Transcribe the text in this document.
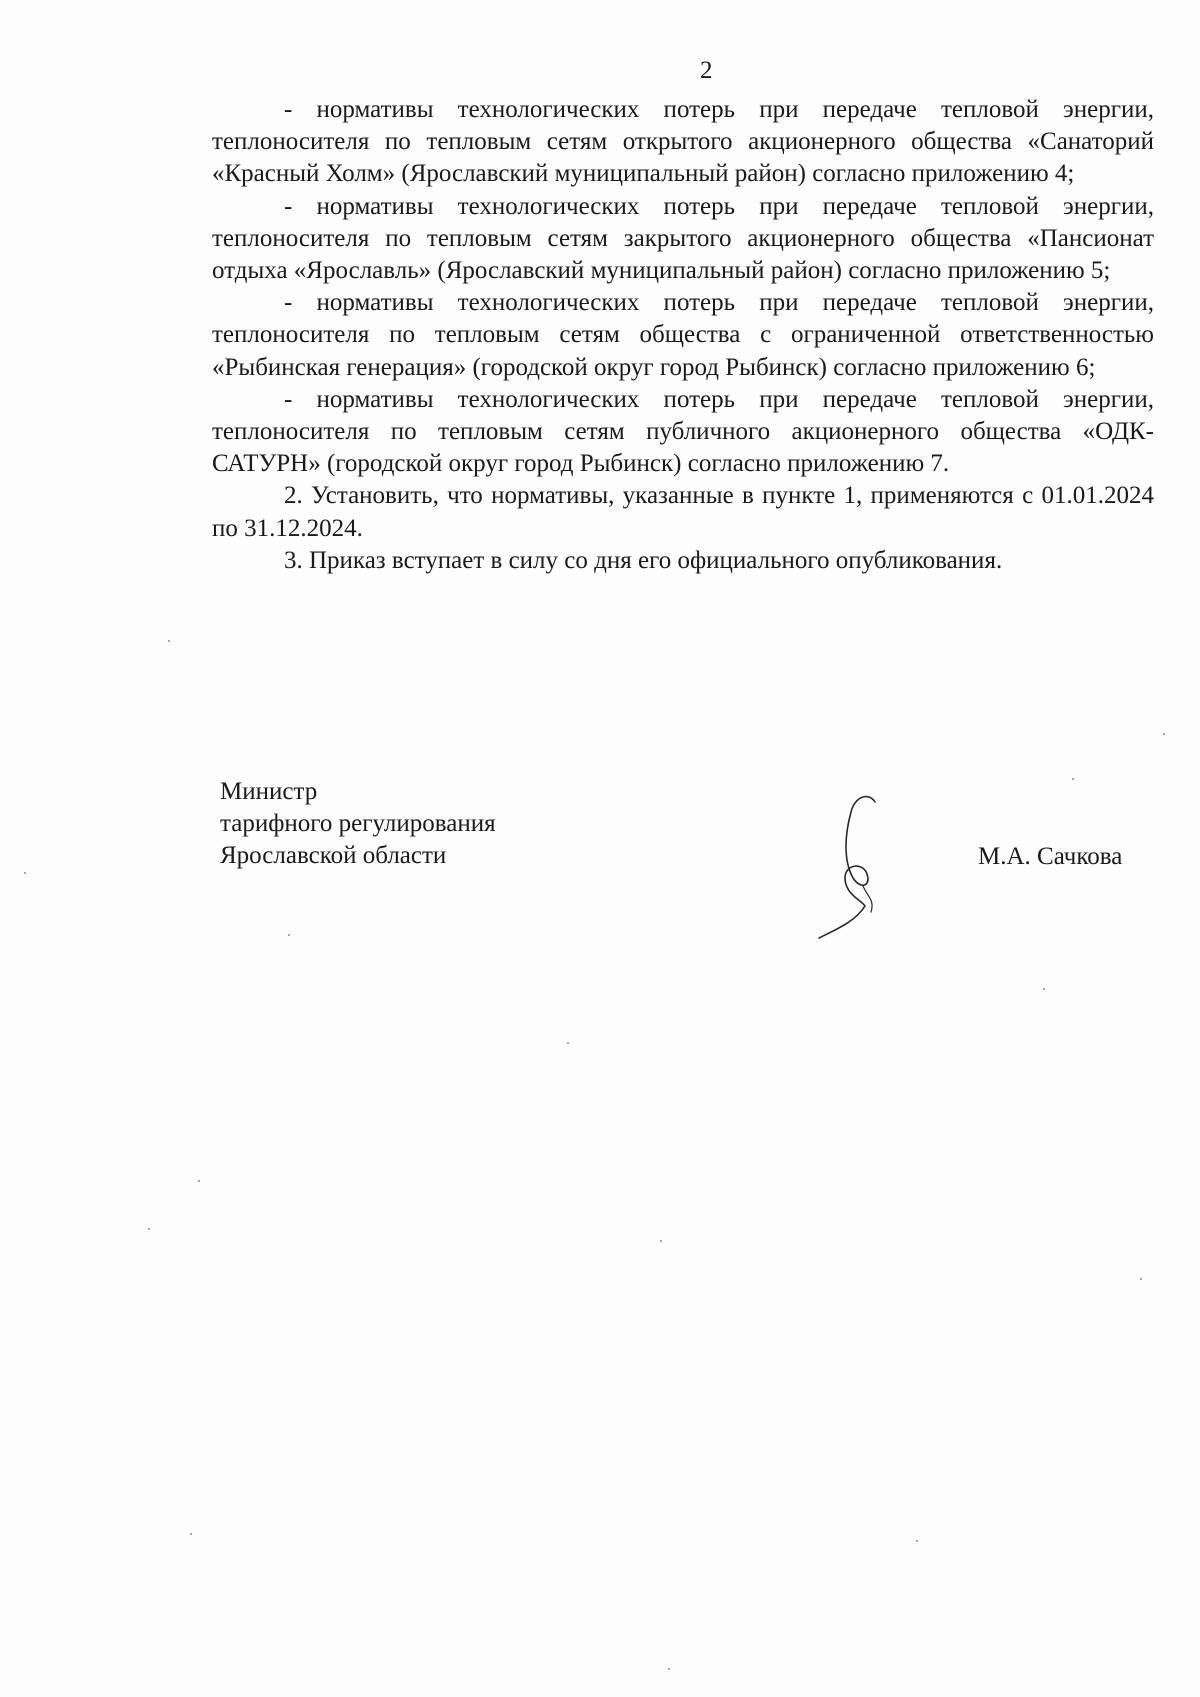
2

- нормативы технологических потерь при передаче тепловой энергии, теплоносителя по тепловым сетям открытого акционерного общества «Санаторий «Красный Холм» (Ярославский муниципальный район) согласно приложению 4;

- нормативы технологических потерь при передаче тепловой энергии, теплоносителя по тепловым сетям закрытого акционерного общества «Пансионат отдыха «Ярославль» (Ярославский муниципальный район) согласно приложению 5;

- нормативы технологических потерь при передаче тепловой энергии, теплоносителя по тепловым сетям общества с ограниченной ответственностью «Рыбинская генерация» (городской округ город Рыбинск) согласно приложению 6;

- нормативы технологических потерь при передаче тепловой энергии, теплоносителя по тепловым сетям публичного акционерного общества «ОДК-САТУРН» (городской округ город Рыбинск) согласно приложению 7.

2. Установить, что нормативы, указанные в пункте 1, применяются с 01.01.2024 по 31.12.2024.

3. Приказ вступает в силу со дня его официального опубликования.

Министр
тарифного регулирования
Ярославской области	М.А. Сачкова
